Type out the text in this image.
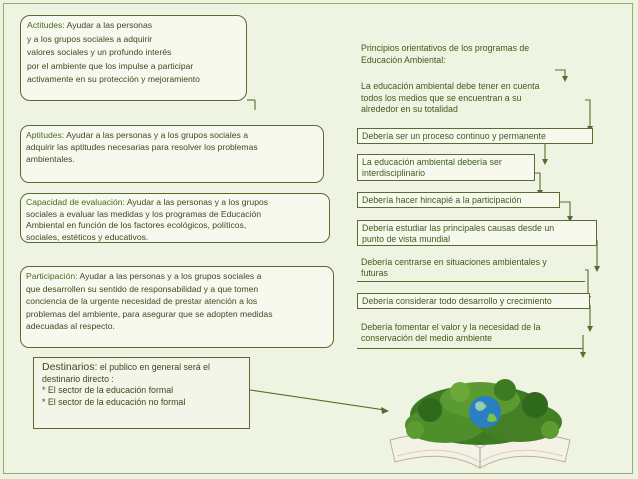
Actitudes: Ayudar a las personas
y a los grupos sociales a adquirir
valores sociales y un profundo interés
por el ambiente que los impulse a participar
activamente en su protección y mejoramiento
Aptitudes: Ayudar a las personas y a los grupos sociales a
adquirir las aptitudes necesarias para resolver los problemas
ambientales.
Capacidad de evaluación: Ayudar a las personas y a los grupos
sociales a evaluar las medidas y los programas de Educación
Ambiental en función de los factores ecológicos, políticos,
sociales, estéticos y educativos.
Participación: Ayudar a las personas y a los grupos sociales a
que desarrollen su sentido de responsabilidad y a que tomen
conciencia de la urgente necesidad de prestar atención a los
problemas del ambiente, para asegurar que se adopten medidas
adecuadas al respecto.
Destinarios: el publico en general será el
destinario directo :
* El sector de la educación formal
* El sector de la educación no formal
Principios orientativos de los programas de
Educación Ambiental:
La educación ambiental debe tener en cuenta
todos los medios que se encuentran a su
alrededor en su totalidad
Debería ser un proceso continuo y permanente
La educación ambiental debería ser
interdisciplinario
Debería hacer hincapié a la participación
Debería estudiar las principales causas desde un
punto de vista mundial
Debería centrarse en situaciones ambientales y
futuras
Debería considerar todo desarrollo y crecimiento
Debería fomentar el valor y la necesidad de la
conservación del medio ambiente
